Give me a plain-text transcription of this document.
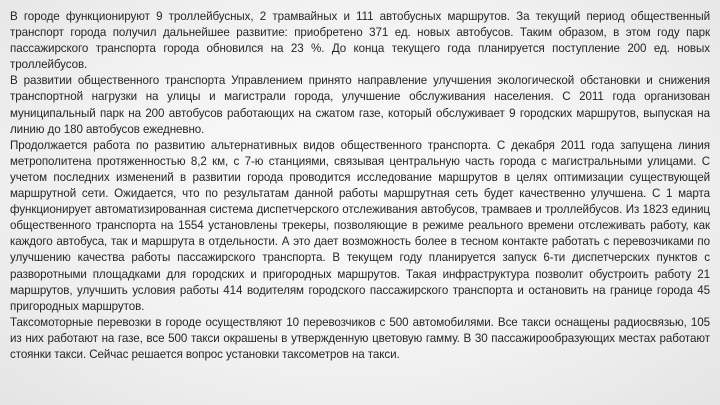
В городе функционируют 9 троллейбусных, 2 трамвайных и 111 автобусных маршрутов. За текущий период общественный транспорт города получил дальнейшее развитие: приобретено 371 ед. новых автобусов. Таким образом, в этом году парк пассажирского транспорта города обновился на 23 %. До конца текущего года планируется поступление 200 ед. новых троллейбусов.

В развитии общественного транспорта Управлением принято направление улучшения экологической обстановки и снижения транспортной нагрузки на улицы и магистрали города, улучшение обслуживания населения. С 2011 года организован муниципальный парк на 200 автобусов работающих на сжатом газе, который обслуживает 9 городских маршрутов, выпуская на линию до 180 автобусов ежедневно.

Продолжается работа по развитию альтернативных видов общественного транспорта. С декабря 2011 года запущена линия метрополитена протяженностью 8,2 км, с 7-ю станциями, связывая центральную часть города с магистральными улицами. С учетом последних изменений в развитии города проводится исследование маршрутов в целях оптимизации существующей маршрутной сети. Ожидается, что по результатам данной работы маршрутная сеть будет качественно улучшена. С 1 марта функционирует автоматизированная система диспетчерского отслеживания автобусов, трамваев и троллейбусов. Из 1823 единиц общественного транспорта на 1554 установлены трекеры, позволяющие в режиме реального времени отслеживать работу, как каждого автобуса, так и маршрута в отдельности. А это дает возможность более в тесном контакте работать с перевозчиками по улучшению качества работы пассажирского транспорта. В текущем году планируется запуск 6-ти диспетчерских пунктов с разворотными площадками для городских и пригородных маршрутов. Такая инфраструктура позволит обустроить работу 21 маршрутов, улучшить условия работы 414 водителям городского пассажирского транспорта и остановить на границе города 45 пригородных маршрутов.

Таксомоторные перевозки в городе осуществляют 10 перевозчиков с 500 автомобилями. Все такси оснащены радиосвязью, 105 из них работают на газе, все 500 такси окрашены в утвержденную цветовую гамму. В 30 пассажирообразующих местах работают стоянки такси. Сейчас решается вопрос установки таксометров на такси.
